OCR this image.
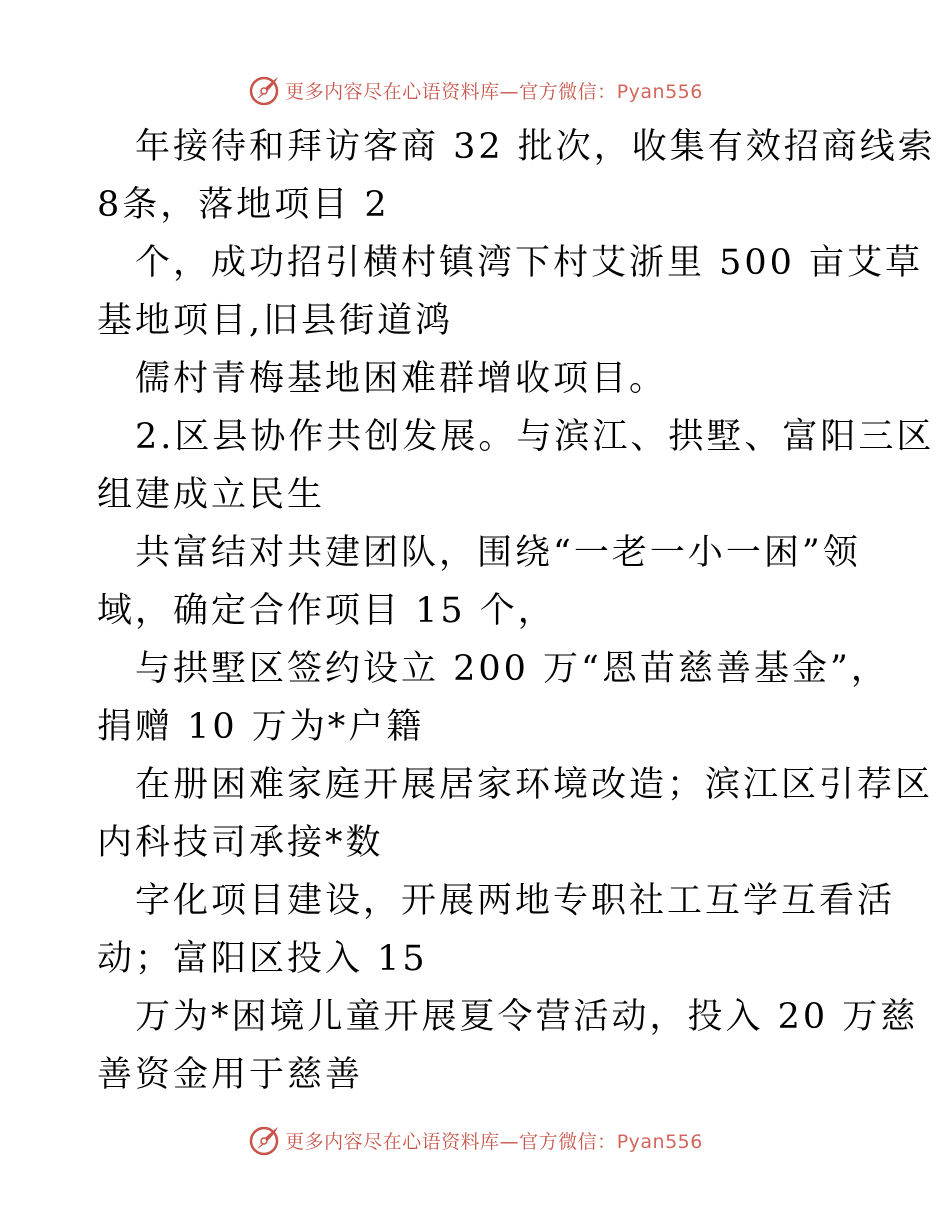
更多内容尽在心语资料库—官方微信：Pyan556
年接待和拜访客商 32 批次，收集有效招商线索
8条，落地项目 2
个，成功招引横村镇湾下村艾浙里 500 亩艾草
基地项目,旧县街道鸿
儒村青梅基地困难群增收项目。
2.区县协作共创发展。与滨江、拱墅、富阳三区
组建成立民生
共富结对共建团队，围绕“一老一小一困”领
域，确定合作项目 15 个，
与拱墅区签约设立 200 万“恩苗慈善基金”，
捐赠 10 万为*户籍
在册困难家庭开展居家环境改造；滨江区引荐区
内科技司承接*数
字化项目建设，开展两地专职社工互学互看活
动；富阳区投入 15
万为*困境儿童开展夏令营活动，投入 20 万慈
善资金用于慈善
更多内容尽在心语资料库—官方微信：Pyan556
